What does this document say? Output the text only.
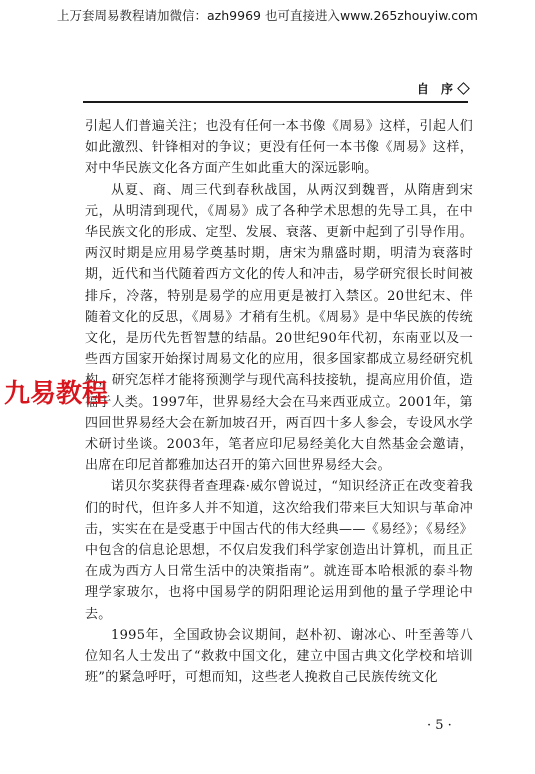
上万套周易教程请加微信：azh9969 也可直接进入www.265zhouyiw.com
自 序

引起人们普遍关注；也没有任何一本书像《周易》这样，引起人们如此激烈、针锋相对的争议；更没有任何一本书像《周易》这样，对中华民族文化各方面产生如此重大的深远影响。

从夏、商、周三代到春秋战国，从两汉到魏晋，从隋唐到宋元，从明清到现代，《周易》成了各种学术思想的先导工具，在中华民族文化的形成、定型、发展、衰落、更新中起到了引导作用。两汉时期是应用易学奠基时期，唐宋为鼎盛时期，明清为衰落时期，近代和当代随着西方文化的传人和冲击，易学研究很长时间被排斥，冷落，特别是易学的应用更是被打入禁区。20世纪末、伴随着文化的反思，《周易》才稍有生机。《周易》是中华民族的传统文化，是历代先哲智慧的结晶。20世纪90年代初，东南亚以及一些西方国家开始探讨周易文化的应用，很多国家都成立易经研究机构，研究怎样才能将预测学与现代高科技接轨，提高应用价值，造福于人类。1997年，世界易经大会在马来西亚成立。2001年，第四回世界易经大会在新加坡召开，两百四十多人参会，专设风水学术研讨坐谈。2003年，笔者应印尼易经美化大自然基金会邀请，出席在印尼首都雅加达召开的第六回世界易经大会。

诺贝尔奖获得者查理森·威尔曾说过，“知识经济正在改变着我们的时代，但许多人并不知道，这次给我们带来巨大知识与革命冲击，实实在在是受惠于中国古代的伟大经典——《易经》；《易经》中包含的信息论思想，不仅启发我们科学家创造出计算机，而且正在成为西方人日常生活中的决策指南”。就连哥本哈根派的泰斗物理学家玻尔，也将中国易学的阴阳理论运用到他的量子学理论中去。

1995年，全国政协会议期间，赵朴初、谢冰心、叶至善等八位知名人士发出了“救救中国文化，建立中国古典文化学校和培训班”的紧急呼吁，可想而知，这些老人挽救自己民族传统文化

九易教程
· 5 ·
